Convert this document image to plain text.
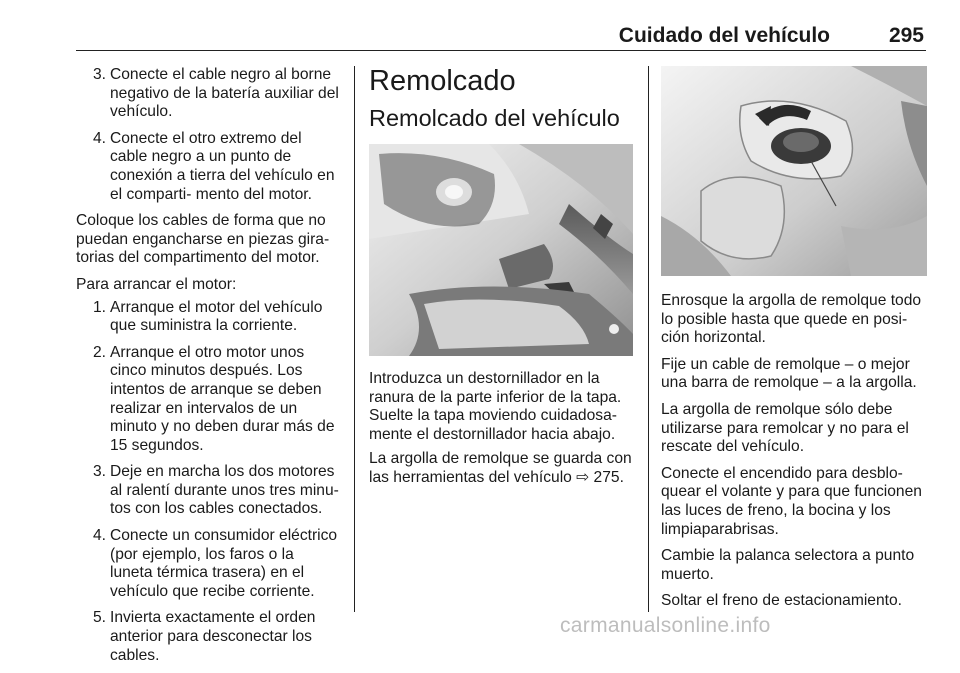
Cuidado del vehículo	295
3. Conecte el cable negro al borne negativo de la batería auxiliar del vehículo.
4. Conecte el otro extremo del cable negro a un punto de conexión a tierra del vehículo en el comparti- mento del motor.

Coloque los cables de forma que no puedan engancharse en piezas gira- torias del compartimento del motor.

Para arrancar el motor:

1. Arranque el motor del vehículo que suministra la corriente.
2. Arranque el otro motor unos cinco minutos después. Los intentos de arranque se deben realizar en intervalos de un minuto y no deben durar más de 15 segundos.
3. Deje en marcha los dos motores al ralentí durante unos tres minu- tos con los cables conectados.
4. Conecte un consumidor eléctrico (por ejemplo, los faros o la luneta térmica trasera) en el vehículo que recibe corriente.
5. Invierta exactamente el orden anterior para desconectar los cables.
Remolcado
Remolcado del vehículo

Introduzca un destornillador en la ranura de la parte inferior de la tapa. Suelte la tapa moviendo cuidadosa- mente el destornillador hacia abajo.

La argolla de remolque se guarda con las herramientas del vehículo ⇨ 275.

Enrosque la argolla de remolque todo lo posible hasta que quede en posi- ción horizontal.

Fije un cable de remolque – o mejor una barra de remolque – a la argolla.

La argolla de remolque sólo debe utilizarse para remolcar y no para el rescate del vehículo.

Conecte el encendido para desblo- quear el volante y para que funcionen las luces de freno, la bocina y los limpiaparabrisas.

Cambie la palanca selectora a punto muerto.

Soltar el freno de estacionamiento.

carmanualsonline.info
